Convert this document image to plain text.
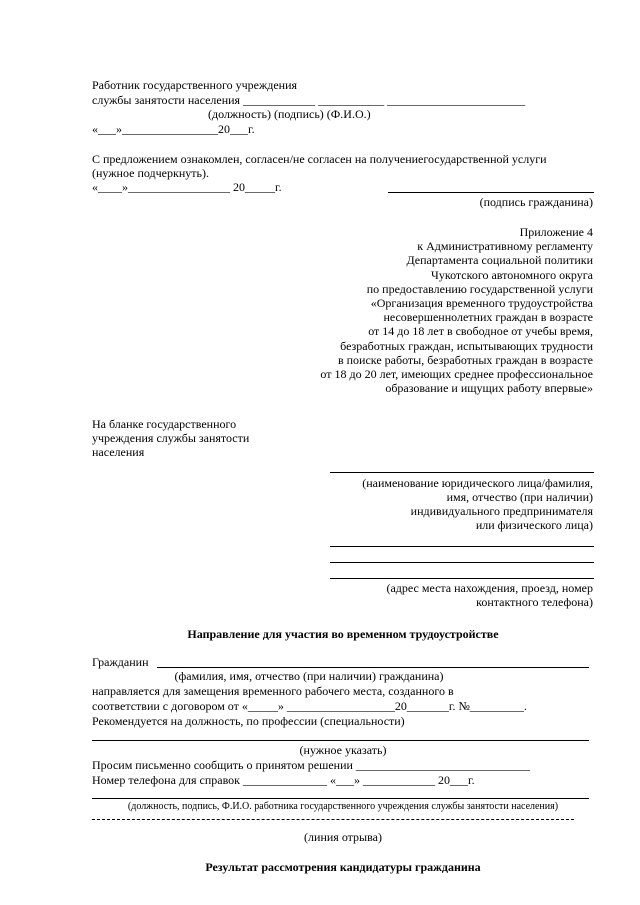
Работник государственного учреждения
службы занятости населения ____________ ___________ _______________________
(должность) (подпись) (Ф.И.О.)
«___»________________20___г.
С предложением ознакомлен, согласен/не согласен на получениегосударственной услуги
(нужное подчеркнуть).
«____»_________________ 20_____г.
(подпись гражданина)
Приложение 4
к Административному регламенту
Департамента социальной политики
Чукотского автономного округа
по предоставлению государственной услуги
«Организация временного трудоустройства
несовершеннолетних граждан в возрасте
от 14 до 18 лет в свободное от учебы время,
безработных граждан, испытывающих трудности
в поиске работы, безработных граждан в возрасте
от 18 до 20 лет, имеющих среднее профессиональное
образование и ищущих работу впервые»
На бланке государственного
учреждения службы занятости
населения
(наименование юридического лица/фамилия,
имя, отчество (при наличии)
индивидуального предпринимателя
или физического лица)
(адрес места нахождения, проезд, номер
контактного телефона)
Направление для участия во временном трудоустройстве
Гражданин
(фамилия, имя, отчество (при наличии) гражданина)
направляется для замещения временного рабочего места, созданного в
соответствии с договором от «_____» __________________20_______г. №_________.
Рекомендуется на должность, по профессии (специальности)
(нужное указать)
Просим письменно сообщить о принятом решении _____________________________
Номер телефона для справок ______________ «___» ____________ 20___г.
(должность, подпись, Ф.И.О. работника государственного учреждения службы занятости населения)
(линия отрыва)
Результат рассмотрения кандидатуры гражданина
